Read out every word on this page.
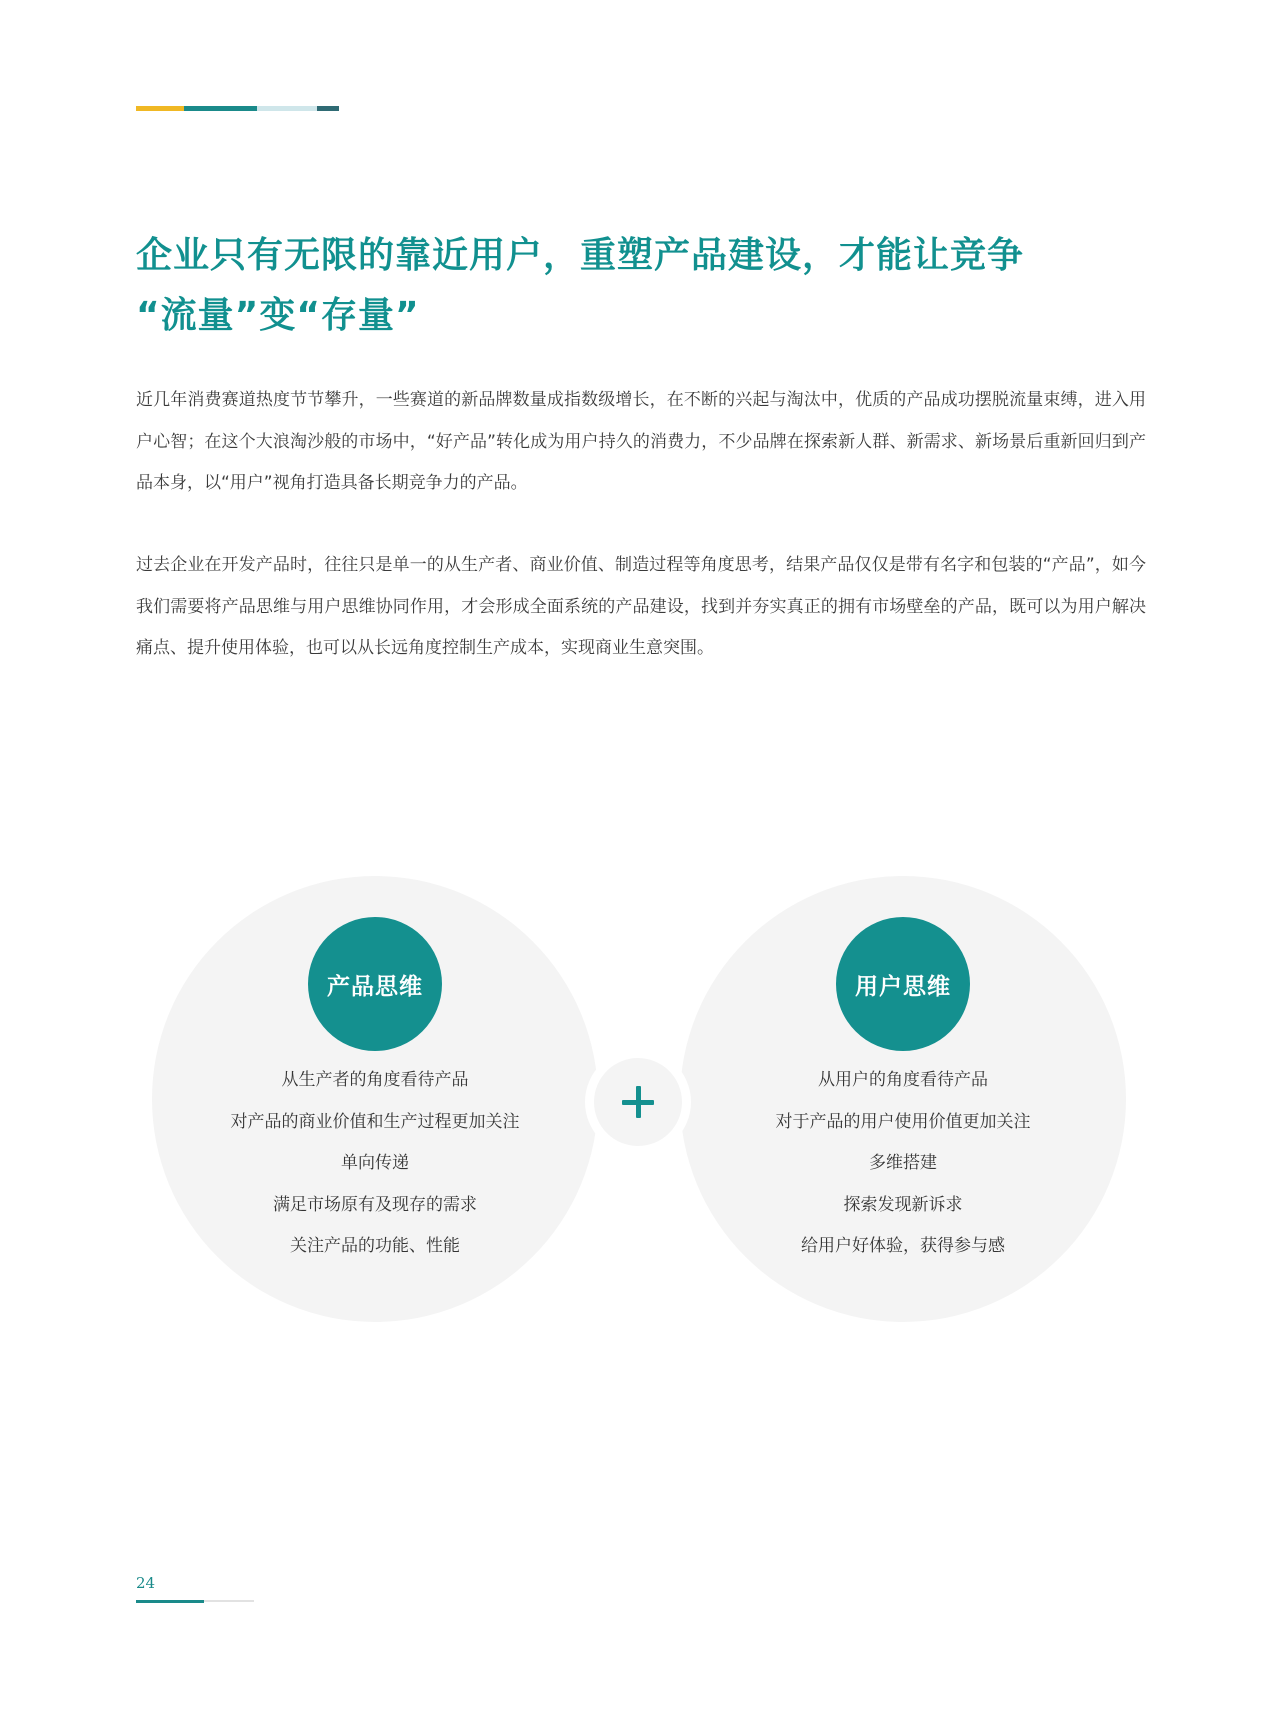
企业只有无限的靠近用户，重塑产品建设，才能让竞争
“流量”变“存量”

近几年消费赛道热度节节攀升，一些赛道的新品牌数量成指数级增长，在不断的兴起与淘汰中，优质的产品成功摆脱流量束缚，进入用户心智；在这个大浪淘沙般的市场中，“好产品”转化成为用户持久的消费力，不少品牌在探索新人群、新需求、新场景后重新回归到产品本身，以“用户”视角打造具备长期竞争力的产品。

过去企业在开发产品时，往往只是单一的从生产者、商业价值、制造过程等角度思考，结果产品仅仅是带有名字和包装的“产品”，如今我们需要将产品思维与用户思维协同作用，才会形成全面系统的产品建设，找到并夯实真正的拥有市场壁垒的产品，既可以为用户解决痛点、提升使用体验，也可以从长远角度控制生产成本，实现商业生意突围。

产品思维
从生产者的角度看待产品
对产品的商业价值和生产过程更加关注
单向传递
满足市场原有及现存的需求
关注产品的功能、性能
用户思维
从用户的角度看待产品
对于产品的用户使用价值更加关注
多维搭建
探索发现新诉求
给用户好体验，获得参与感
24
